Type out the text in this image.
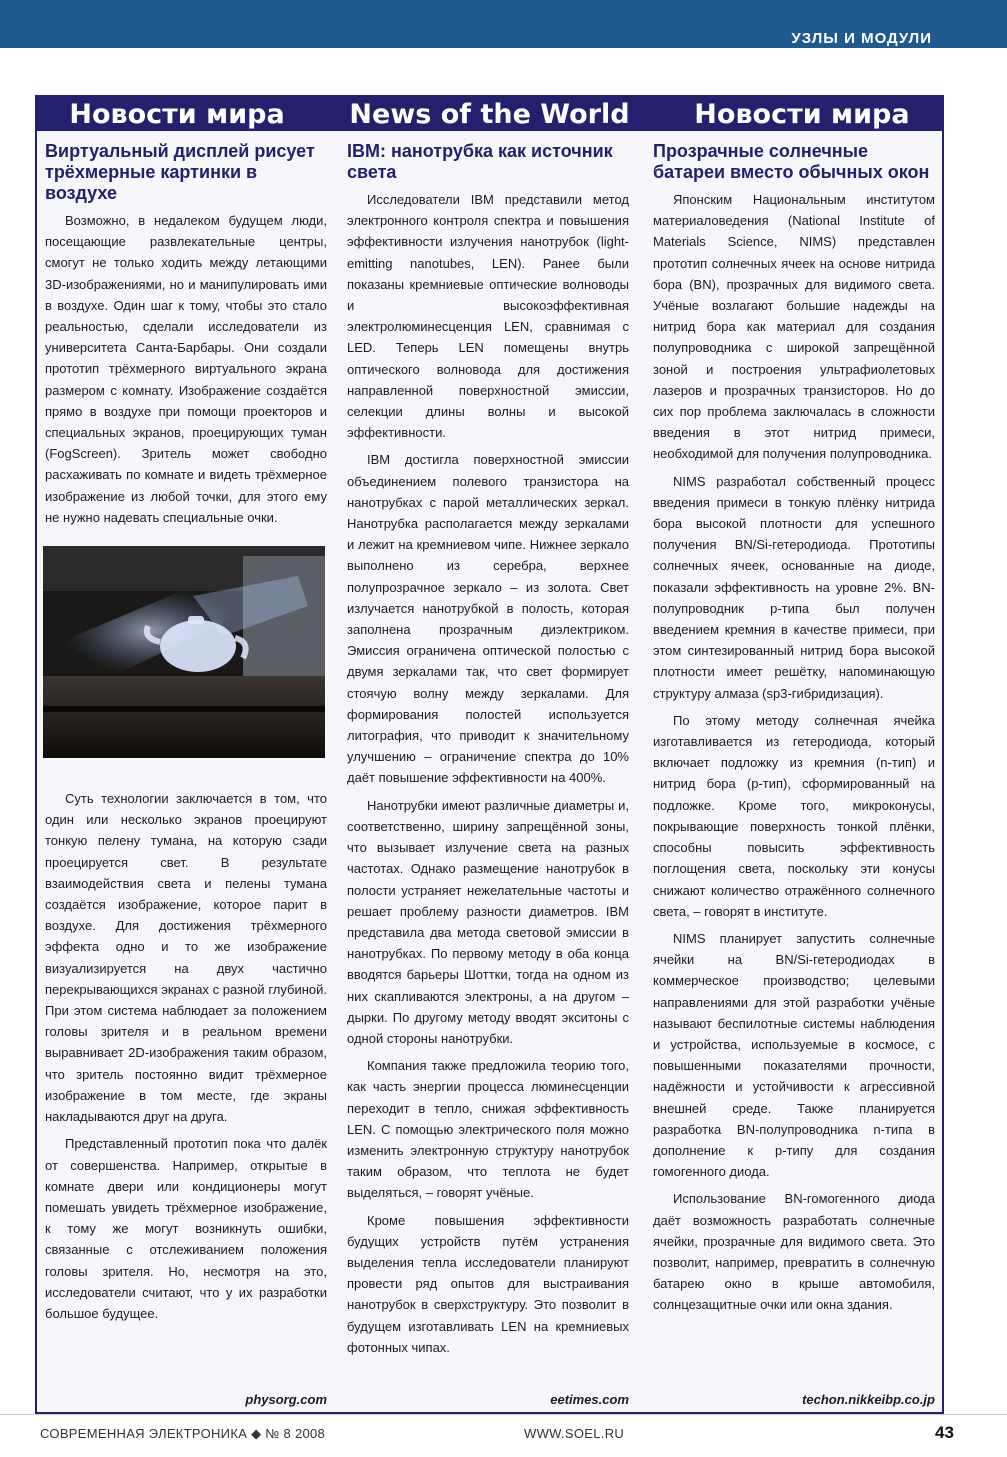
УЗЛЫ И МОДУЛИ
Новости мира News of the World Новости мира
Виртуальный дисплей рисует трёхмерные картинки в воздухе

Возможно, в недалеком будущем люди, посещающие развлекательные центры, смогут не только ходить между летающими 3D-изображениями, но и манипулировать ими в воздухе. Один шаг к тому, чтобы это стало реальностью, сделали исследователи из университета Санта-Барбары. Они создали прототип трёхмерного виртуального экрана размером с комнату. Изображение создаётся прямо в воздухе при помощи проекторов и специальных экранов, проецирующих туман (FogScreen). Зритель может свободно расхаживать по комнате и видеть трёхмерное изображение из любой точки, для этого ему не нужно надевать специальные очки.

Суть технологии заключается в том, что один или несколько экранов проецируют тонкую пелену тумана, на которую сзади проецируется свет. В результате взаимодействия света и пелены тумана создаётся изображение, которое парит в воздухе. Для достижения трёхмерного эффекта одно и то же изображение визуализируется на двух частично перекрывающихся экранах с разной глубиной. При этом система наблюдает за положением головы зрителя и в реальном времени выравнивает 2D-изображения таким образом, что зритель постоянно видит трёхмерное изображение в том месте, где экраны накладываются друг на друга.

Представленный прототип пока что далёк от совершенства. Например, открытые в комнате двери или кондиционеры могут помешать увидеть трёхмерное изображение, к тому же могут возникнуть ошибки, связанные с отслеживанием положения головы зрителя. Но, несмотря на это, исследователи считают, что у их разработки большое будущее.

physorg.com
IBM: нанотрубка как источник света

Исследователи IBM представили метод электронного контроля спектра и повышения эффективности излучения нанотрубок (light-emitting nanotubes, LEN). Ранее были показаны кремниевые оптические волноводы и высокоэффективная электролюминесценция LEN, сравнимая с LED. Теперь LEN помещены внутрь оптического волновода для достижения направленной поверхностной эмиссии, селекции длины волны и высокой эффективности.

IBM достигла поверхностной эмиссии объединением полевого транзистора на нанотрубках с парой металлических зеркал. Нанотрубка располагается между зеркалами и лежит на кремниевом чипе. Нижнее зеркало выполнено из серебра, верхнее полупрозрачное зеркало – из золота. Свет излучается нанотрубкой в полость, которая заполнена прозрачным диэлектриком. Эмиссия ограничена оптической полостью с двумя зеркалами так, что свет формирует стоячую волну между зеркалами. Для формирования полостей используется литография, что приводит к значительному улучшению – ограничение спектра до 10% даёт повышение эффективности на 400%.

Нанотрубки имеют различные диаметры и, соответственно, ширину запрещённой зоны, что вызывает излучение света на разных частотах. Однако размещение нанотрубок в полости устраняет нежелательные частоты и решает проблему разности диаметров. IBM представила два метода световой эмиссии в нанотрубках. По первому методу в оба конца вводятся барьеры Шоттки, тогда на одном из них скапливаются электроны, а на другом – дырки. По другому методу вводят экситоны с одной стороны нанотрубки.

Компания также предложила теорию того, как часть энергии процесса люминесценции переходит в тепло, снижая эффективность LEN. С помощью электрического поля можно изменить электронную структуру нанотрубок таким образом, что теплота не будет выделяться, – говорят учёные.

Кроме повышения эффективности будущих устройств путём устранения выделения тепла исследователи планируют провести ряд опытов для выстраивания нанотрубок в сверхструктуру. Это позволит в будущем изготавливать LEN на кремниевых фотонных чипах.

eetimes.com
Прозрачные солнечные батареи вместо обычных окон

Японским Национальным институтом материаловедения (National Institute of Materials Science, NIMS) представлен прототип солнечных ячеек на основе нитрида бора (BN), прозрачных для видимого света. Учёные возлагают большие надежды на нитрид бора как материал для создания полупроводника с широкой запрещённой зоной и построения ультрафиолетовых лазеров и прозрачных транзисторов. Но до сих пор проблема заключалась в сложности введения в этот нитрид примеси, необходимой для получения полупроводника.

NIMS разработал собственный процесс введения примеси в тонкую плёнку нитрида бора высокой плотности для успешного получения BN/Si-гетеродиода. Прототипы солнечных ячеек, основанные на диоде, показали эффективность на уровне 2%. BN-полупроводник p-типа был получен введением кремния в качестве примеси, при этом синтезированный нитрид бора высокой плотности имеет решётку, напоминающую структуру алмаза (sp3-гибридизация).

По этому методу солнечная ячейка изготавливается из гетеродиода, который включает подложку из кремния (n-тип) и нитрид бора (p-тип), сформированный на подложке. Кроме того, микроконусы, покрывающие поверхность тонкой плёнки, способны повысить эффективность поглощения света, поскольку эти конусы снижают количество отражённого солнечного света, – говорят в институте.

NIMS планирует запустить солнечные ячейки на BN/Si-гетеродиодах в коммерческое производство; целевыми направлениями для этой разработки учёные называют беспилотные системы наблюдения и устройства, используемые в космосе, с повышенными показателями прочности, надёжности и устойчивости к агрессивной внешней среде. Также планируется разработка BN-полупроводника n-типа в дополнение к p-типу для создания гомогенного диода.

Использование BN-гомогенного диода даёт возможность разработать солнечные ячейки, прозрачные для видимого света. Это позволит, например, превратить в солнечную батарею окно в крыше автомобиля, солнцезащитные очки или окна здания.

techon.nikkeibp.co.jp
СОВРЕМЕННАЯ ЭЛЕКТРОНИКА ◆ № 8 2008	WWW.SOEL.RU	43
